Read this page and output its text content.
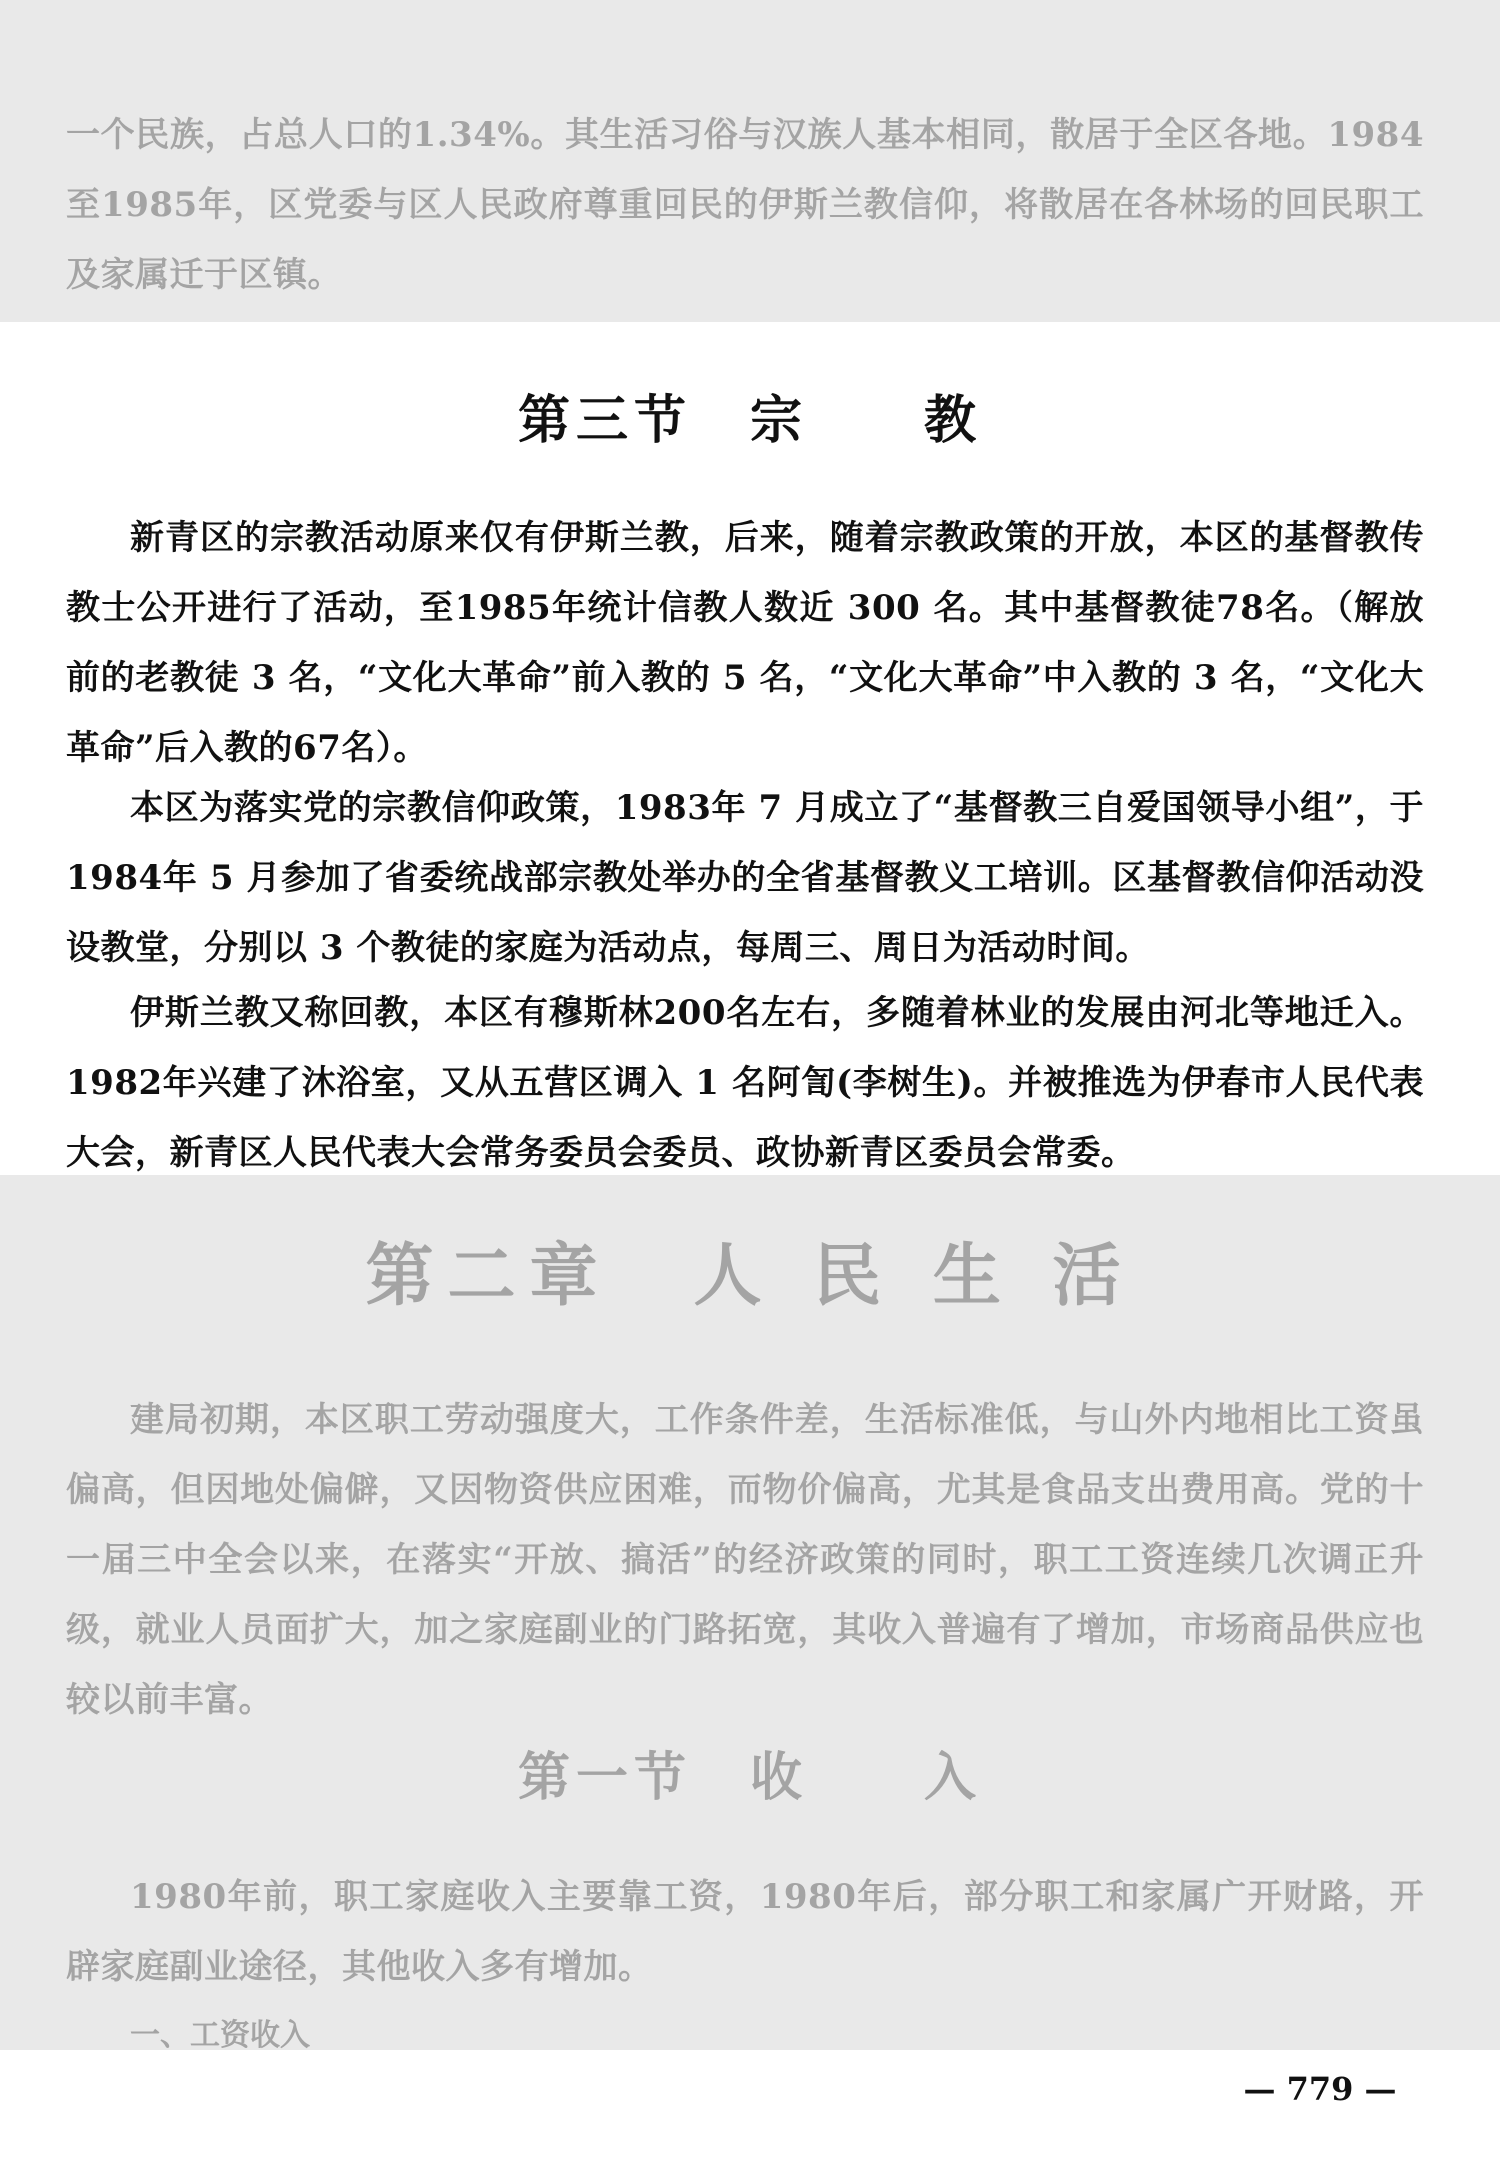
一个民族，占总人口的1.34%。其生活习俗与汉族人基本相同，散居于全区各地。1984至1985年，区党委与区人民政府尊重回民的伊斯兰教信仰，将散居在各林场的回民职工及家属迁于区镇。

第三节　宗　　教

新青区的宗教活动原来仅有伊斯兰教，后来，随着宗教政策的开放，本区的基督教传教士公开进行了活动，至1985年统计信教人数近 300 名。其中基督教徒78名。（解放前的老教徒 3 名，“文化大革命”前入教的 5 名，“文化大革命”中入教的 3 名，“文化大革命”后入教的67名）。

本区为落实党的宗教信仰政策，1983年 7 月成立了“基督教三自爱国领导小组”，于1984年 5 月参加了省委统战部宗教处举办的全省基督教义工培训。区基督教信仰活动没设教堂，分别以 3 个教徒的家庭为活动点，每周三、周日为活动时间。

伊斯兰教又称回教，本区有穆斯林200名左右，多随着林业的发展由河北等地迁入。1982年兴建了沐浴室，又从五营区调入 1 名阿訇(李树生)。并被推选为伊春市人民代表大会，新青区人民代表大会常务委员会委员、政协新青区委员会常委。

第二章　人 民 生 活

建局初期，本区职工劳动强度大，工作条件差，生活标准低，与山外内地相比工资虽偏高，但因地处偏僻，又因物资供应困难，而物价偏高，尤其是食品支出费用高。党的十一届三中全会以来，在落实“开放、搞活”的经济政策的同时，职工工资连续几次调正升级，就业人员面扩大，加之家庭副业的门路拓宽，其收入普遍有了增加，市场商品供应也较以前丰富。

第一节　收　　入

1980年前，职工家庭收入主要靠工资，1980年后，部分职工和家属广开财路，开辟家庭副业途径，其他收入多有增加。

一、工资收入

— 779 —
